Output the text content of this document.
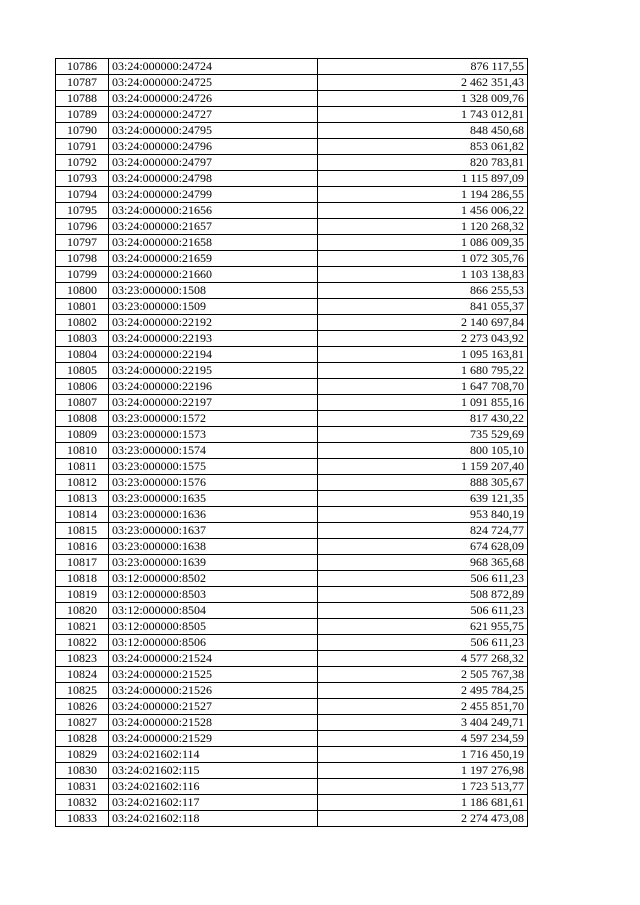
10786	03:24:000000:24724	876 117,55
10787	03:24:000000:24725	2 462 351,43
10788	03:24:000000:24726	1 328 009,76
10789	03:24:000000:24727	1 743 012,81
10790	03:24:000000:24795	848 450,68
10791	03:24:000000:24796	853 061,82
10792	03:24:000000:24797	820 783,81
10793	03:24:000000:24798	1 115 897,09
10794	03:24:000000:24799	1 194 286,55
10795	03:24:000000:21656	1 456 006,22
10796	03:24:000000:21657	1 120 268,32
10797	03:24:000000:21658	1 086 009,35
10798	03:24:000000:21659	1 072 305,76
10799	03:24:000000:21660	1 103 138,83
10800	03:23:000000:1508	866 255,53
10801	03:23:000000:1509	841 055,37
10802	03:24:000000:22192	2 140 697,84
10803	03:24:000000:22193	2 273 043,92
10804	03:24:000000:22194	1 095 163,81
10805	03:24:000000:22195	1 680 795,22
10806	03:24:000000:22196	1 647 708,70
10807	03:24:000000:22197	1 091 855,16
10808	03:23:000000:1572	817 430,22
10809	03:23:000000:1573	735 529,69
10810	03:23:000000:1574	800 105,10
10811	03:23:000000:1575	1 159 207,40
10812	03:23:000000:1576	888 305,67
10813	03:23:000000:1635	639 121,35
10814	03:23:000000:1636	953 840,19
10815	03:23:000000:1637	824 724,77
10816	03:23:000000:1638	674 628,09
10817	03:23:000000:1639	968 365,68
10818	03:12:000000:8502	506 611,23
10819	03:12:000000:8503	508 872,89
10820	03:12:000000:8504	506 611,23
10821	03:12:000000:8505	621 955,75
10822	03:12:000000:8506	506 611,23
10823	03:24:000000:21524	4 577 268,32
10824	03:24:000000:21525	2 505 767,38
10825	03:24:000000:21526	2 495 784,25
10826	03:24:000000:21527	2 455 851,70
10827	03:24:000000:21528	3 404 249,71
10828	03:24:000000:21529	4 597 234,59
10829	03:24:021602:114	1 716 450,19
10830	03:24:021602:115	1 197 276,98
10831	03:24:021602:116	1 723 513,77
10832	03:24:021602:117	1 186 681,61
10833	03:24:021602:118	2 274 473,08
